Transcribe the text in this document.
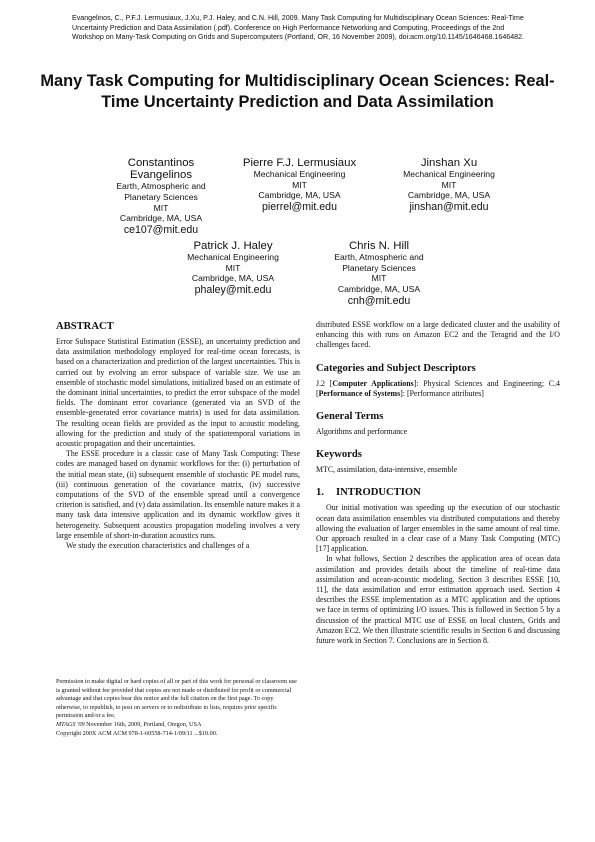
Evangelinos, C., P.F.J. Lermusiaux, J.Xu, P.J. Haley, and C.N. Hill, 2009. Many Task Computing for Multidisciplinary Ocean Sciences: Real-Time Uncertainty Prediction and Data Assimilation (.pdf). Conference on High Performance Networking and Computing, Proceedings of the 2nd Workshop on Many-Task Computing on Grids and Supercomputers (Portland, OR, 16 November 2009), doi:acm.org/10.1145/1646468.1646482.
Many Task Computing for Multidisciplinary Ocean Sciences: Real-Time Uncertainty Prediction and Data Assimilation
Constantinos Evangelinos
Earth, Atmospheric and Planetary Sciences
MIT
Cambridge, MA, USA
ce107@mit.edu
Pierre F.J. Lermusiaux
Mechanical Engineering
MIT
Cambridge, MA, USA
pierrel@mit.edu
Jinshan Xu
Mechanical Engineering
MIT
Cambridge, MA, USA
jinshan@mit.edu
Patrick J. Haley
Mechanical Engineering
MIT
Cambridge, MA, USA
phaley@mit.edu
Chris N. Hill
Earth, Atmospheric and Planetary Sciences
MIT
Cambridge, MA, USA
cnh@mit.edu
ABSTRACT

Error Subspace Statistical Estimation (ESSE), an uncertainty prediction and data assimilation methodology employed for real-time ocean forecasts, is based on a characterization and prediction of the largest uncertainties. This is carried out by evolving an error subspace of variable size. We use an ensemble of stochastic model simulations, initialized based on an estimate of the dominant initial uncertainties, to predict the error subspace of the model fields. The dominant error covariance (generated via an SVD of the ensemble-generated error covariance matrix) is used for data assimilation. The resulting ocean fields are provided as the input to acoustic modeling, allowing for the prediction and study of the spatiotemporal variations in acoustic propagation and their uncertainties.

The ESSE procedure is a classic case of Many Task Computing: These codes are managed based on dynamic workflows for the: (i) perturbation of the initial mean state, (ii) subsequent ensemble of stochastic PE model runs, (iii) continuous generation of the covariance matrix, (iv) successive computations of the SVD of the ensemble spread until a convergence criterion is satisfied, and (v) data assimilation. Its ensemble nature makes it a many task data intensive application and its dynamic workflow gives it heterogeneity. Subsequent acoustics propagation modeling involves a very large ensemble of short-in-duration acoustics runs.

We study the execution characteristics and challenges of a

Permission to make digital or hard copies of all or part of this work for personal or classroom use is granted without fee provided that copies are not made or distributed for profit or commercial advantage and that copies bear this notice and the full citation on the first page. To copy otherwise, to republish, to post on servers or to redistribute to lists, requires prior specific permission and/or a fee.
MTAGS '09 November 16th, 2009, Portland, Oregon, USA
Copyright 200X ACM ACM 978-1-60558-714-1/09/11 ...$10.00.

distributed ESSE workflow on a large dedicated cluster and the usability of enhancing this with runs on Amazon EC2 and the Teragrid and the I/O challenges faced.

Categories and Subject Descriptors

J.2 [Computer Applications]: Physical Sciences and Engineering; C.4 [Performance of Systems]: [Performance attributes]

General Terms

Algorithms and performance

Keywords

MTC, assimilation, data-intensive, ensemble

1. INTRODUCTION

Our initial motivation was speeding up the execution of our stochastic ocean data assimilation ensembles via distributed computations and thereby allowing the evaluation of larger ensembles in the same amount of real time. Our approach resulted in a clear case of a Many Task Computing (MTC) [17] application.

In what follows, Section 2 describes the application area of ocean data assimilation and provides details about the timeline of real-time data assimilation and ocean-acoustic modeling. Section 3 describes ESSE [10, 11], the data assimilation and error estimation approach used. Section 4 describes the ESSE implementation as a MTC application and the options we face in terms of optimizing I/O issues. This is followed in Section 5 by a discussion of the practical MTC use of ESSE on local clusters, Grids and Amazon EC2. We then illustrate scientific results in Section 6 and discussing future work in Section 7. Conclusions are in Section 8.
